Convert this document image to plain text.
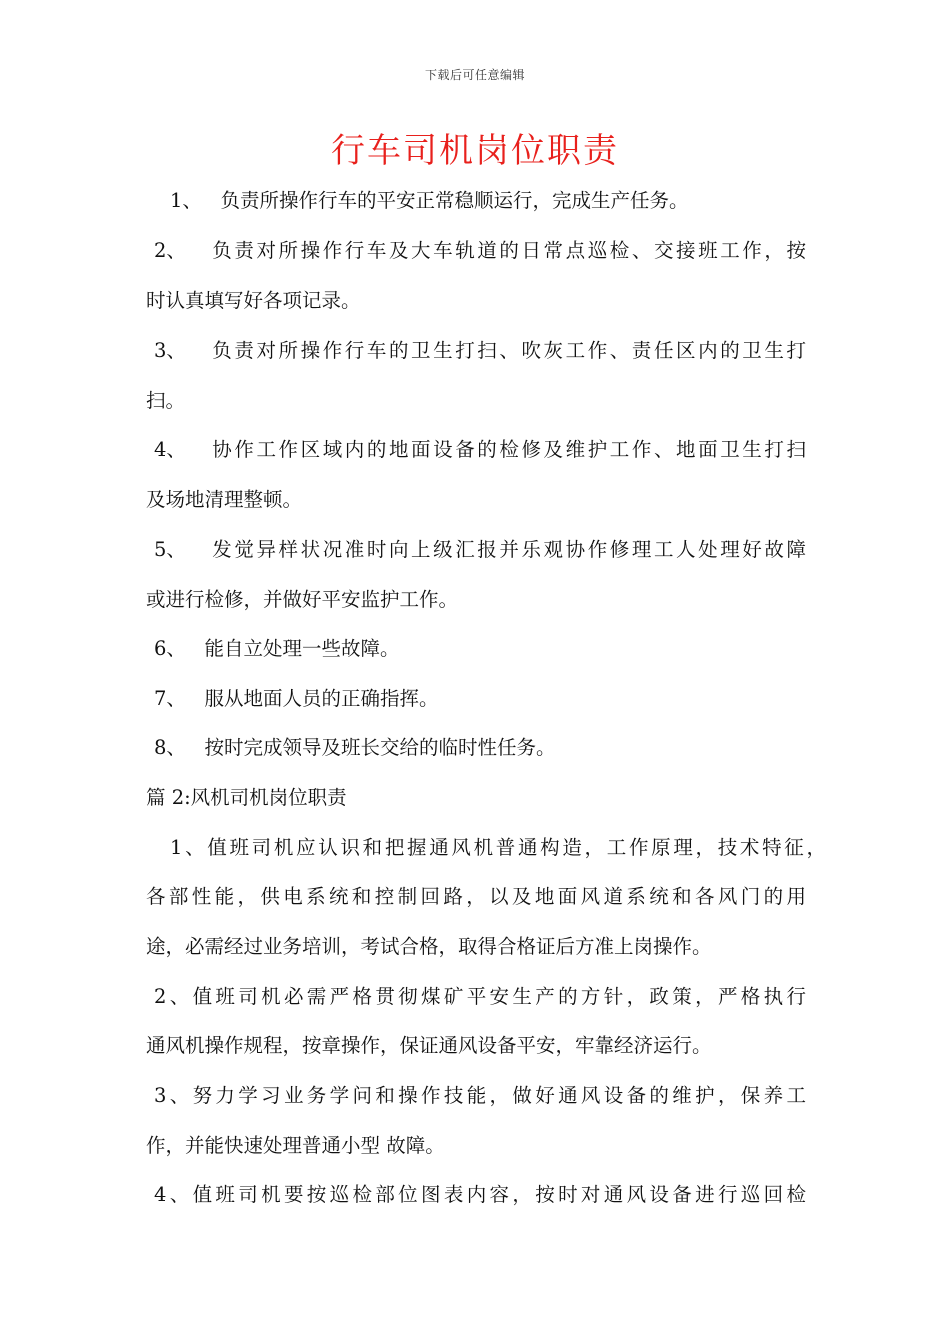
下载后可任意编辑
行车司机岗位职责
1、 负责所操作行车的平安正常稳顺运行，完成生产任务。
2、 负责对所操作行车及大车轨道的日常点巡检、交接班工作，按
时认真填写好各项记录。
3、 负责对所操作行车的卫生打扫、吹灰工作、责任区内的卫生打
扫。
4、 协作工作区域内的地面设备的检修及维护工作、地面卫生打扫
及场地清理整顿。
5、 发觉异样状况准时向上级汇报并乐观协作修理工人处理好故障
或进行检修，并做好平安监护工作。
6、 能自立处理一些故障。
7、 服从地面人员的正确指挥。
8、 按时完成领导及班长交给的临时性任务。
篇 2:风机司机岗位职责
1、值班司机应认识和把握通风机普通构造，工作原理，技术特征，
各部性能，供电系统和控制回路，以及地面风道系统和各风门的用
途，必需经过业务培训，考试合格，取得合格证后方准上岗操作。
2、值班司机必需严格贯彻煤矿平安生产的方针，政策，严格执行
通风机操作规程，按章操作，保证通风设备平安，牢靠经济运行。
3、努力学习业务学问和操作技能，做好通风设备的维护，保养工
作，并能快速处理普通小型 故障。
4、值班司机要按巡检部位图表内容，按时对通风设备进行巡回检
